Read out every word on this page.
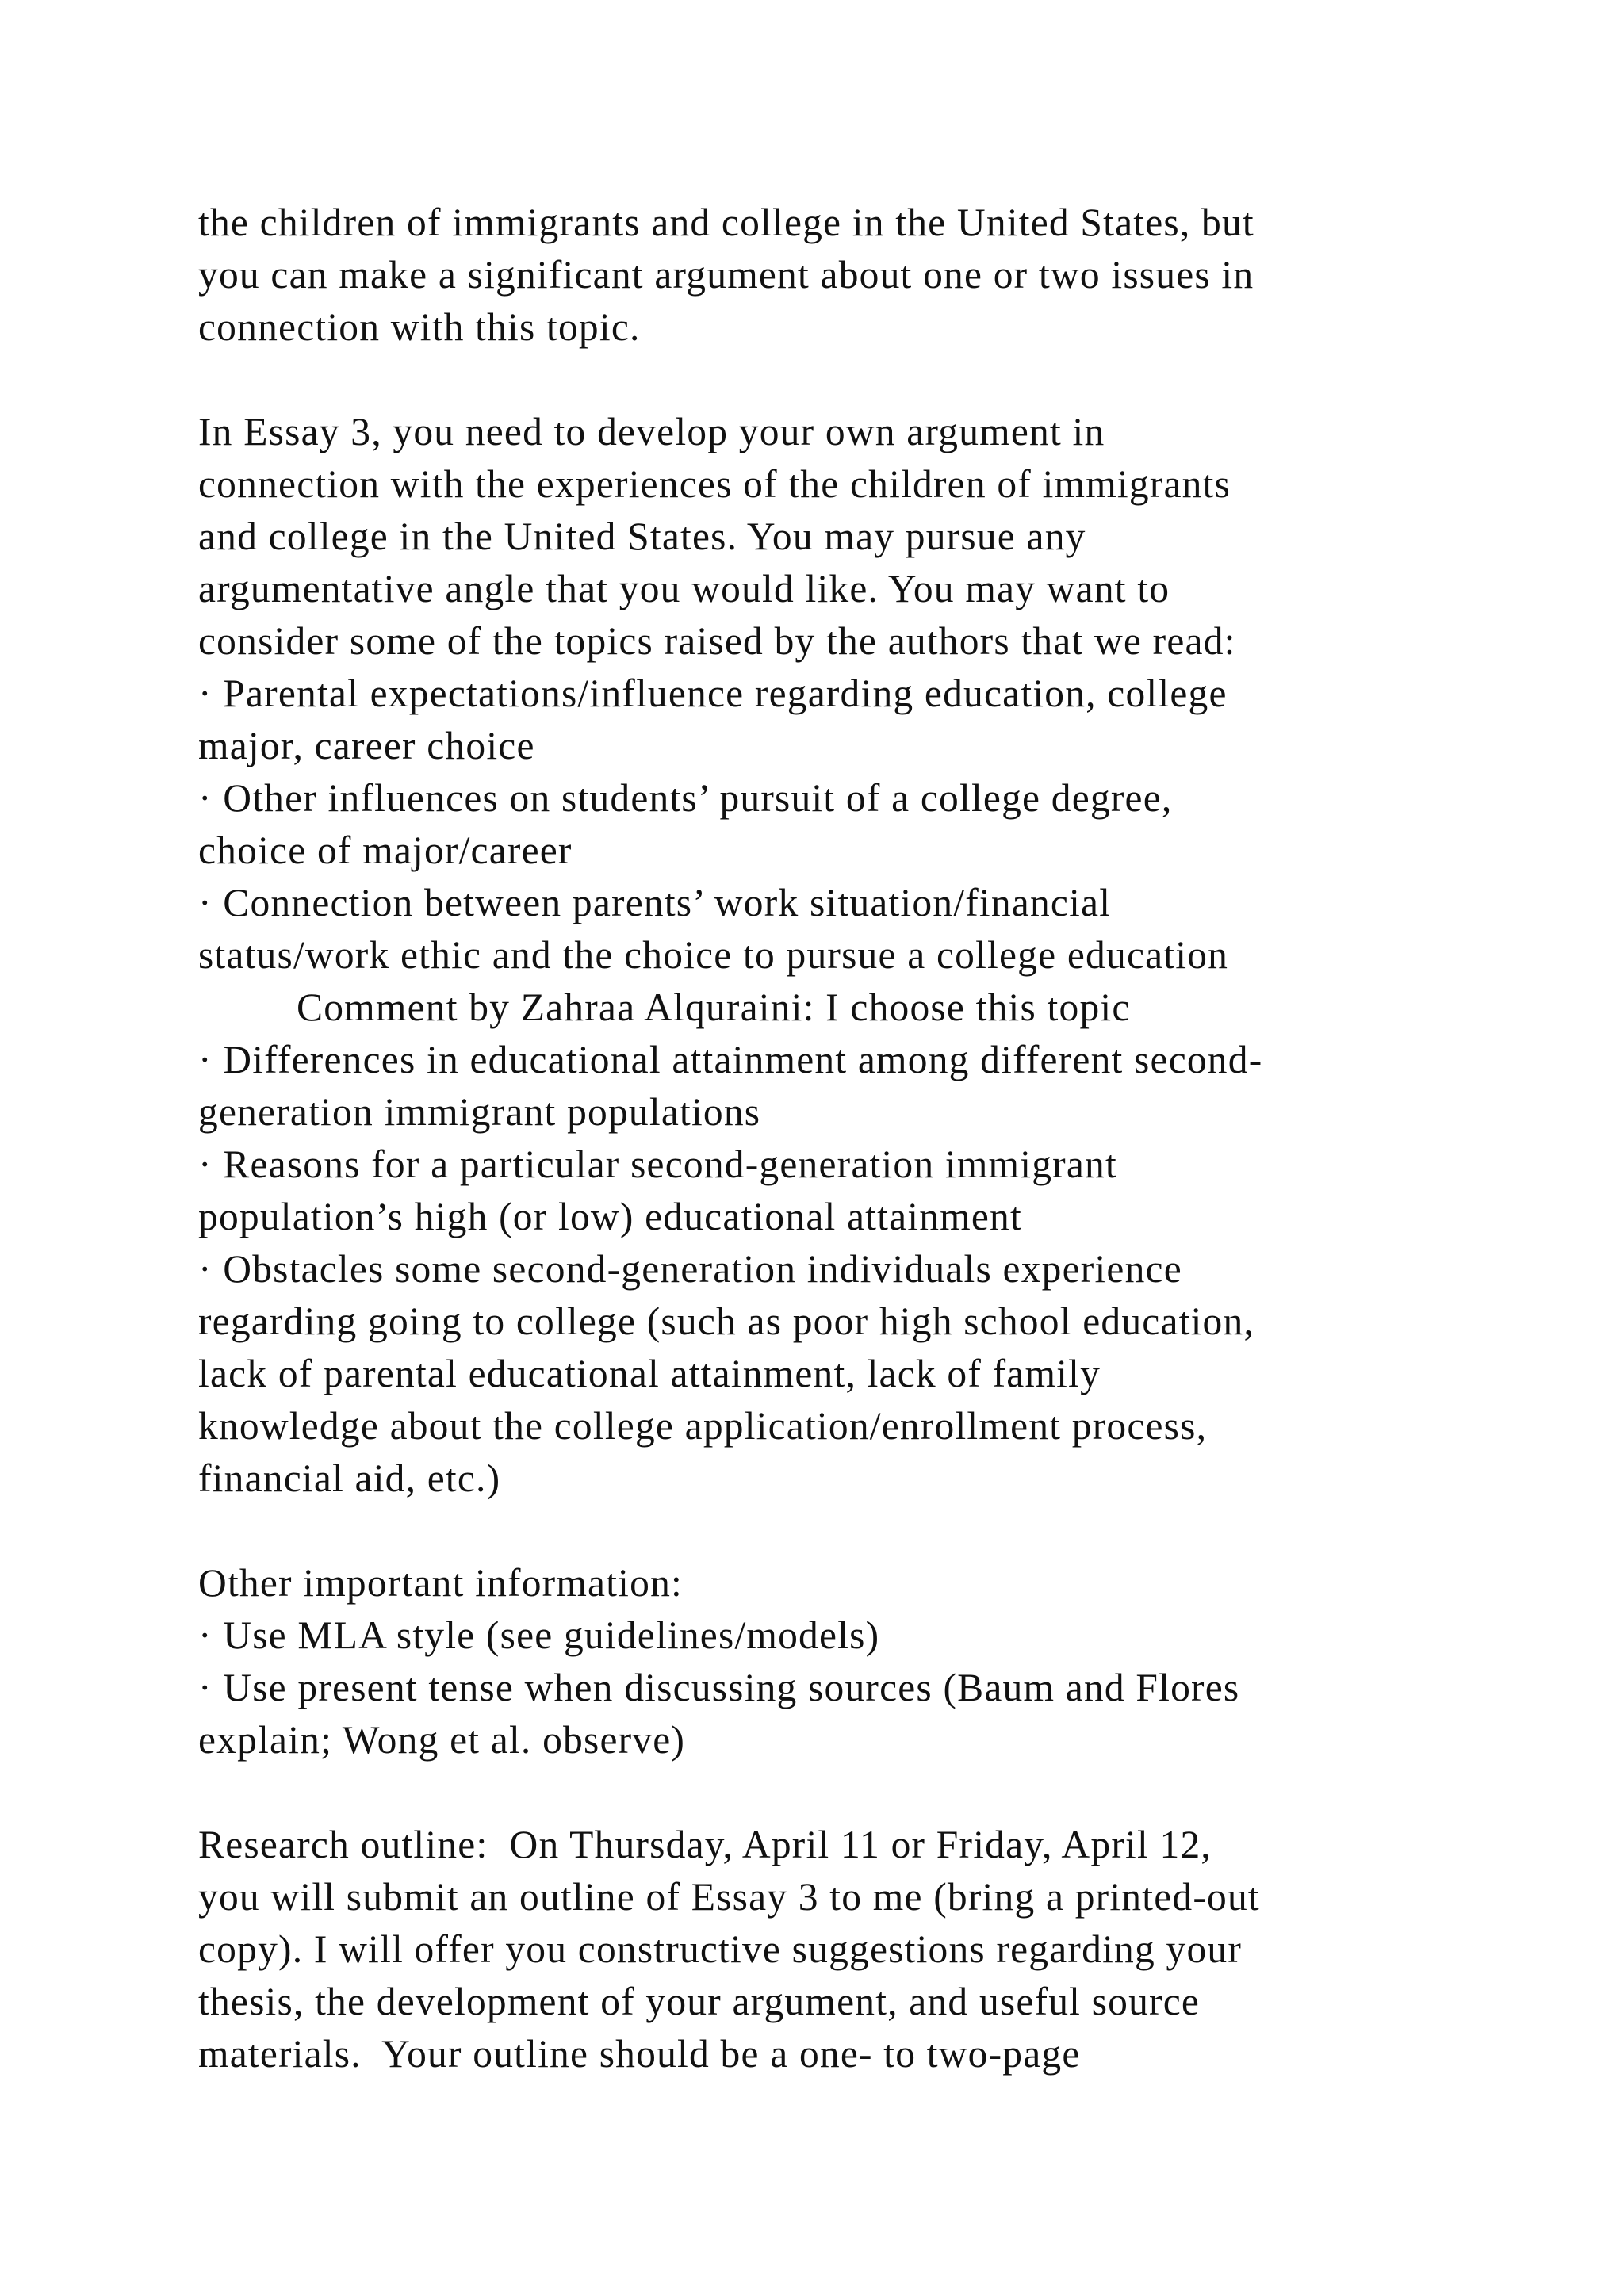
the children of immigrants and college in the United States, but
you can make a significant argument about one or two issues in
connection with this topic.
In Essay 3, you need to develop your own argument in
connection with the experiences of the children of immigrants
and college in the United States. You may pursue any
argumentative angle that you would like. You may want to
consider some of the topics raised by the authors that we read:
· Parental expectations/influence regarding education, college
major, career choice
· Other influences on students’ pursuit of a college degree,
choice of major/career
· Connection between parents’ work situation/financial
status/work ethic and the choice to pursue a college education
Comment by Zahraa Alquraini: I choose this topic
· Differences in educational attainment among different second-
generation immigrant populations
· Reasons for a particular second-generation immigrant
population’s high (or low) educational attainment
· Obstacles some second-generation individuals experience
regarding going to college (such as poor high school education,
lack of parental educational attainment, lack of family
knowledge about the college application/enrollment process,
financial aid, etc.)
Other important information:
· Use MLA style (see guidelines/models)
· Use present tense when discussing sources (Baum and Flores
explain; Wong et al. observe)
Research outline:  On Thursday, April 11 or Friday, April 12,
you will submit an outline of Essay 3 to me (bring a printed-out
copy). I will offer you constructive suggestions regarding your
thesis, the development of your argument, and useful source
materials.  Your outline should be a one- to two-page
